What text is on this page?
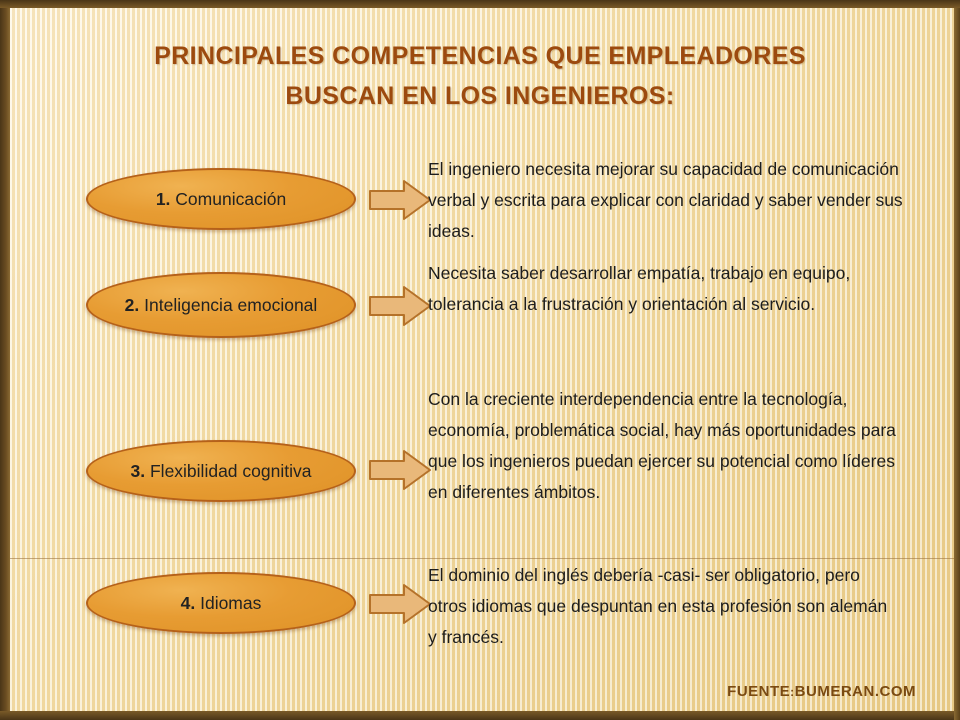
PRINCIPALES COMPETENCIAS QUE EMPLEADORES
BUSCAN EN LOS INGENIEROS:
1. Comunicación
El ingeniero necesita mejorar su capacidad de comunicación verbal y escrita para explicar con claridad y saber vender sus ideas.
2. Inteligencia emocional
Necesita saber desarrollar empatía, trabajo en equipo, tolerancia a la frustración y orientación al servicio.
3. Flexibilidad cognitiva
Con la creciente interdependencia entre la tecnología, economía, problemática social, hay más oportunidades para que los ingenieros puedan ejercer su potencial como líderes en diferentes ámbitos.
4. Idiomas
El dominio del inglés debería -casi- ser obligatorio, pero otros idiomas que despuntan en esta profesión son alemán y francés.
FUENTE:BUMERAN.COM
